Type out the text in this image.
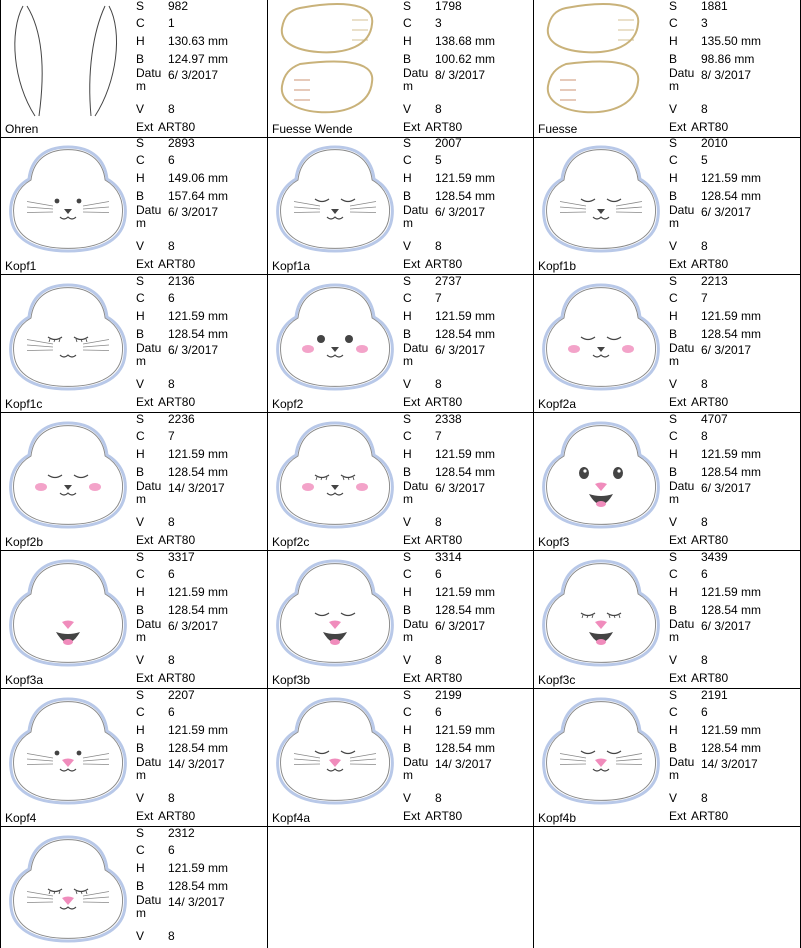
Ohren
S 982
C 1
H 130.63 mm
B 124.97 mm
Datum
6/ 3/2017
V 8
Ext ART80	Fuesse Wende
S 1798
C 3
H 138.68 mm
B 100.62 mm
Datum
8/ 3/2017
V 8
Ext ART80	Fuesse
S 1881
C 3
H 135.50 mm
B 98.86 mm
Datum
8/ 3/2017
V 8
Ext ART80
Kopf1
S 2893
C 6
H 149.06 mm
B 157.64 mm
Datum
6/ 3/2017
V 8
Ext ART80	Kopf1a
S 2007
C 5
H 121.59 mm
B 128.54 mm
Datum
6/ 3/2017
V 8
Ext ART80	Kopf1b
S 2010
C 5
H 121.59 mm
B 128.54 mm
Datum
6/ 3/2017
V 8
Ext ART80
Kopf1c
S 2136
C 6
H 121.59 mm
B 128.54 mm
Datum
6/ 3/2017
V 8
Ext ART80	Kopf2
S 2737
C 7
H 121.59 mm
B 128.54 mm
Datum
6/ 3/2017
V 8
Ext ART80	Kopf2a
S 2213
C 7
H 121.59 mm
B 128.54 mm
Datum
6/ 3/2017
V 8
Ext ART80
Kopf2b
S 2236
C 7
H 121.59 mm
B 128.54 mm
Datum
14/ 3/2017
V 8
Ext ART80	Kopf2c
S 2338
C 7
H 121.59 mm
B 128.54 mm
Datum
6/ 3/2017
V 8
Ext ART80	Kopf3
S 4707
C 8
H 121.59 mm
B 128.54 mm
Datum
6/ 3/2017
V 8
Ext ART80
Kopf3a
S 3317
C 6
H 121.59 mm
B 128.54 mm
Datum
6/ 3/2017
V 8
Ext ART80	Kopf3b
S 3314
C 6
H 121.59 mm
B 128.54 mm
Datum
6/ 3/2017
V 8
Ext ART80	Kopf3c
S 3439
C 6
H 121.59 mm
B 128.54 mm
Datum
6/ 3/2017
V 8
Ext ART80
Kopf4
S 2207
C 6
H 121.59 mm
B 128.54 mm
Datum
14/ 3/2017
V 8
Ext ART80	Kopf4a
S 2199
C 6
H 121.59 mm
B 128.54 mm
Datum
14/ 3/2017
V 8
Ext ART80	Kopf4b
S 2191
C 6
H 121.59 mm
B 128.54 mm
Datum
14/ 3/2017
V 8
Ext ART80
S 2312
C 6
H 121.59 mm
B 128.54 mm
Datum
14/ 3/2017
V 8
